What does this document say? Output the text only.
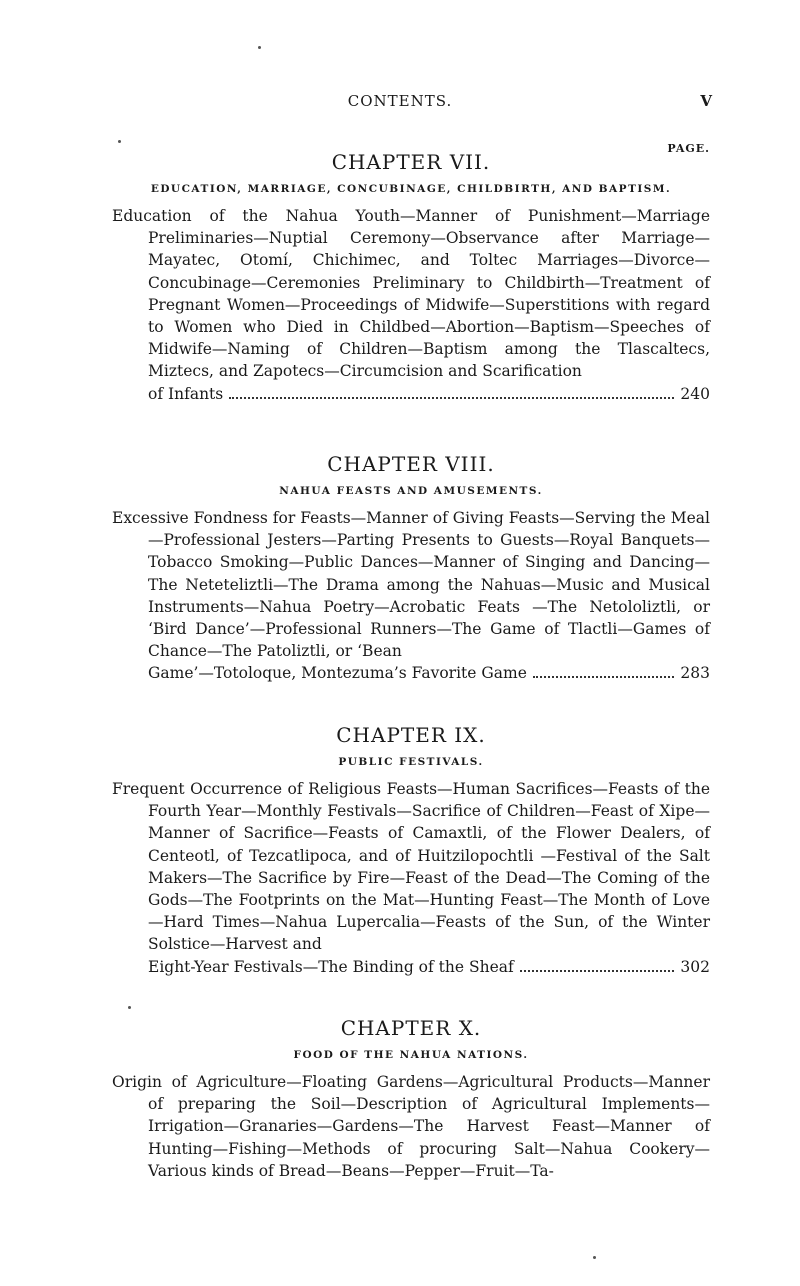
CONTENTS.	V
PAGE.
CHAPTER VII.
EDUCATION, MARRIAGE, CONCUBINAGE, CHILDBIRTH, AND BAPTISM.
Education of the Nahua Youth—Manner of Punishment—Marriage Preliminaries—Nuptial Ceremony—Observance after Marriage—Mayatec, Otomí, Chichimec, and Toltec Marriages—Divorce—Concubinage—Ceremonies Preliminary to Childbirth—Treatment of Pregnant Women—Proceedings of Midwife—Superstitions with regard to Women who Died in Childbed—Abortion—Baptism—Speeches of Midwife—Naming of Children—Baptism among the Tlascaltecs, Miztecs, and Zapotecs—Circumcision and Scarification
of Infants	240
CHAPTER VIII.
NAHUA FEASTS AND AMUSEMENTS.
Excessive Fondness for Feasts—Manner of Giving Feasts—Serving the Meal—Professional Jesters—Parting Presents to Guests—Royal Banquets—Tobacco Smoking—Public Dances—Manner of Singing and Dancing—The Neteteliztli—The Drama among the Nahuas—Music and Musical Instruments—Nahua Poetry—Acrobatic Feats —The Netololiztli, or ‘Bird Dance’—Professional Runners—The Game of Tlactli—Games of Chance—The Patoliztli, or ‘Bean
Game’—Totoloque, Montezuma’s Favorite Game	283
CHAPTER IX.
PUBLIC FESTIVALS.
Frequent Occurrence of Religious Feasts—Human Sacrifices—Feasts of the Fourth Year—Monthly Festivals—Sacrifice of Children—Feast of Xipe—Manner of Sacrifice—Feasts of Camaxtli, of the Flower Dealers, of Centeotl, of Tezcatlipoca, and of Huitzilopochtli —Festival of the Salt Makers—The Sacrifice by Fire—Feast of the Dead—The Coming of the Gods—The Footprints on the Mat—Hunting Feast—The Month of Love—Hard Times—Nahua Lupercalia—Feasts of the Sun, of the Winter Solstice—Harvest and
Eight-Year Festivals—The Binding of the Sheaf	302
CHAPTER X.
FOOD OF THE NAHUA NATIONS.
Origin of Agriculture—Floating Gardens—Agricultural Products—Manner of preparing the Soil—Description of Agricultural Implements—Irrigation—Granaries—Gardens—The Harvest Feast—Manner of Hunting—Fishing—Methods of procuring Salt—Nahua Cookery—Various kinds of Bread—Beans—Pepper—Fruit—Ta-
